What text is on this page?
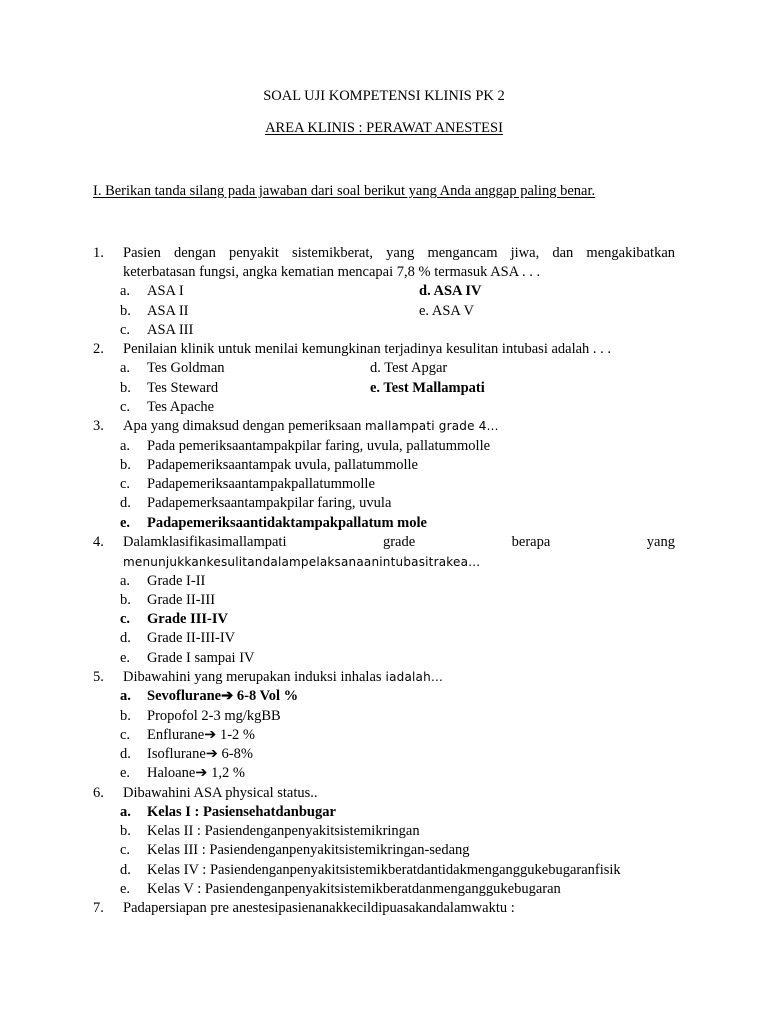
SOAL UJI KOMPETENSI KLINIS PK 2
AREA KLINIS : PERAWAT ANESTESI
I. Berikan tanda silang pada jawaban dari soal berikut yang Anda anggap paling benar.
1.	Pasien dengan penyakit sistemikberat, yang mengancam jiwa, dan mengakibatkan
keterbatasan fungsi, angka kematian mencapai 7,8 % termasuk ASA . . .
a.	ASA I
b.	ASA II
c.	ASA III
d. ASA IV
e. ASA V
2.	Penilaian klinik untuk menilai kemungkinan terjadinya kesulitan intubasi adalah . . .
a.	Tes Goldman
b.	Tes Steward
c.	Tes Apache
d. Test Apgar
e. Test Mallampati
3.	Apa yang dimaksud dengan pemeriksaan mallampati grade 4…
a.	Pada pemeriksaantampakpilar faring, uvula, pallatummolle
b.	Padapemeriksaantampak uvula, pallatummolle
c.	Padapemeriksaantampakpallatummolle
d.	Padapemerksaantampakpilar faring, uvula
e.	Padapemeriksaantidaktampakpallatum mole
4.	Dalamklasifikasimallampati	grade	berapa	yang
menunjukkankesulitandalampelaksanaanintubasitrakea…
a.	Grade I-II
b.	Grade II-III
c.	Grade III-IV
d.	Grade II-III-IV
e.	Grade I sampai IV
5.	Dibawahini yang merupakan induksi inhalas iadalah…
a.	Sevoflurane➔ 6-8 Vol %
b.	Propofol 2-3 mg/kgBB
c.	Enflurane➔ 1-2 %
d.	Isoflurane➔ 6-8%
e.	Haloane➔ 1,2 %
6.	Dibawahini ASA physical status..
a.	Kelas I : Pasiensehatdanbugar
b.	Kelas II : Pasiendenganpenyakitsistemikringan
c.	Kelas III : Pasiendenganpenyakitsistemikringan-sedang
d.	Kelas IV : Pasiendenganpenyakitsistemikberatdantidakmenganggukebugaranfisik
e.	Kelas V : Pasiendenganpenyakitsistemikberatdanmenganggukebugaran
7.	Padapersiapan pre anestesipasienanakkecildipuasakandalamwaktu :
